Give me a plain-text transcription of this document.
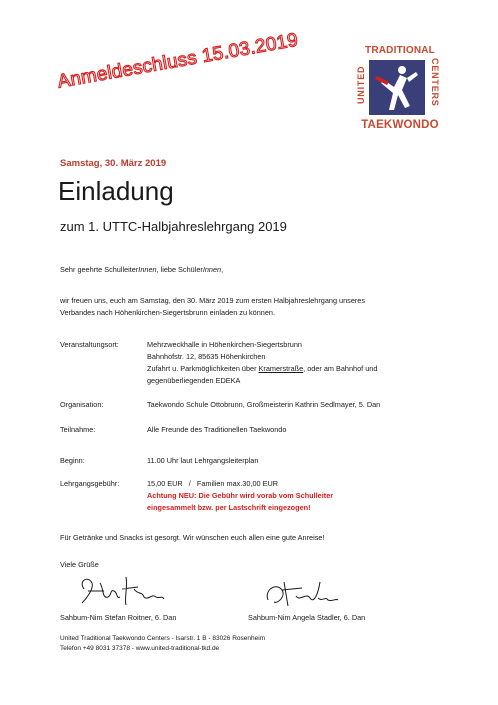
Anmeldeschluss 15.03.2019	TRADITIONAL
UNITED	CENTERS
TAEKWONDO
Samstag, 30. März 2019
Einladung
zum 1. UTTC-Halbjahreslehrgang 2019
Sehr geehrte SchulleiterInnen, liebe SchülerInnen,
wir freuen uns, euch am Samstag, den 30. März 2019 zum ersten Halbjahreslehrgang unseres
Verbandes nach Höhenkirchen-Siegertsbrunn einladen zu können.
Veranstaltungsort:	Mehrzweckhalle in Höhenkirchen-Siegertsbrunn
Bahnhofstr. 12, 85635 Höhenkirchen
Zufahrt u. Parkmöglichkeiten über Kramerstraße, oder am Bahnhof und
gegenüberliegenden EDEKA
Organisation:	Taekwondo Schule Ottobrunn, Großmeisterin Kathrin Sedlmayer, 5. Dan
Teilnahme:	Alle Freunde des Traditionellen Taekwondo
Beginn:	11.00 Uhr laut Lehrgangsleiterplan
Lehrgangsgebühr:	15,00 EUR   /   Familien max.30,00 EUR
Achtung NEU: Die Gebühr wird vorab vom Schulleiter
eingesammelt bzw. per Lastschrift eingezogen!
Für Getränke und Snacks ist gesorgt. Wir wünschen euch allen eine gute Anreise!
Viele Grüße
Sahbum-Nim Stefan Roitner, 6. Dan	Sahbum-Nim Angela Stadler, 6. Dan
United Traditional Taekwondo Centers - Isarstr. 1 B - 83026 Rosenheim
Telefon +49 8031 37378 - www.united-traditional-tkd.de
